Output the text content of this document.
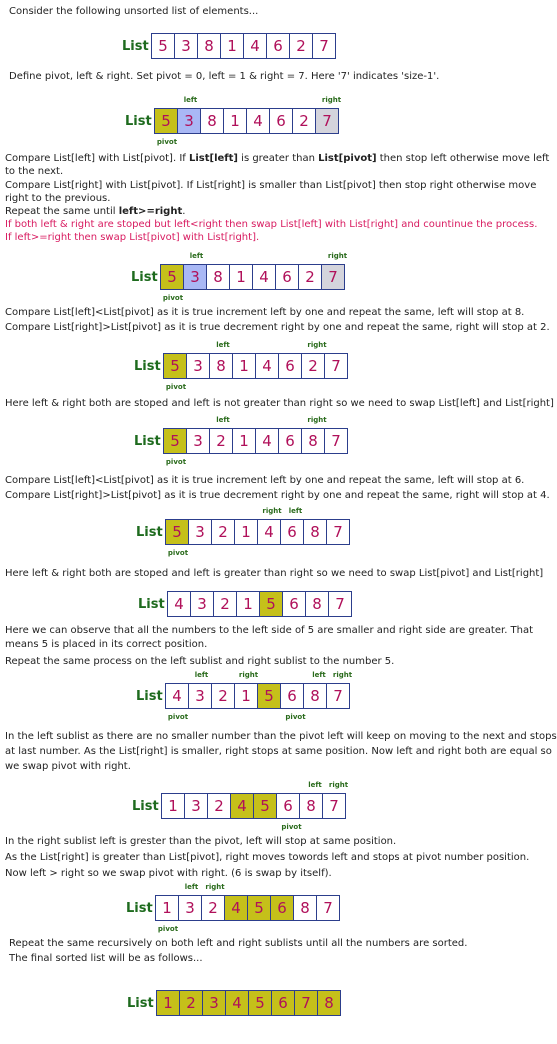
Consider the following unsorted list of elements...
Define pivot, left & right. Set pivot = 0, left = 1 & right = 7. Here '7' indicates 'size-1'.
Compare List[left] with List[pivot]. If List[left] is greater than List[pivot] then stop left otherwise move left
to the next.
Compare List[right] with List[pivot]. If List[right] is smaller than List[pivot] then stop right otherwise move
right to the previous.
Repeat the same until left>=right.
If both left & right are stoped but left<right then swap List[left] with List[right] and countinue the process.
If left>=right then swap List[pivot] with List[right].
Compare List[left]<List[pivot] as it is true increment left by one and repeat the same, left will stop at 8.
Compare List[right]>List[pivot] as it is true decrement right by one and repeat the same, right will stop at 2.
Here left & right both are stoped and left is not greater than right so we need to swap List[left] and List[right]
Compare List[left]<List[pivot] as it is true increment left by one and repeat the same, left will stop at 6.
Compare List[right]>List[pivot] as it is true decrement right by one and repeat the same, right will stop at 4.
Here left & right both are stoped and left is greater than right so we need to swap List[pivot] and List[right]
Here we can observe that all the numbers to the left side of 5 are smaller and right side are greater. That
means 5 is placed in its correct position.
Repeat the same process on the left sublist and right sublist to the number 5.
In the left sublist as there are no smaller number than the pivot left will keep on moving to the next and stops
at last number. As the List[right] is smaller, right stops at same position. Now left and right both are equal so
we swap pivot with right.
In the right sublist left is grester than the pivot, left will stop at same position.
As the List[right] is greater than List[pivot], right moves towords left and stops at pivot number position.
Now left > right so we swap pivot with right. (6 is swap by itself).
Repeat the same recursively on both left and right sublists until all the numbers are sorted.
The final sorted list will be as follows...
List 5 3 8 1 4 6 2 7
List 5 3 8 1 4 6 2 7
left	right
pivot
List 5 3 8 1 4 6 2 7
left	right
pivot
List 5 3 8 1 4 6 2 7
left	right
pivot
List 5 3 2 1 4 6 8 7
left	right
pivot
List 5 3 2 1 4 6 8 7
right	left
pivot
List 4 3 2 1 5 6 8 7
List 4 3 2 1 5 6 8 7
left	right	left	right
pivot	pivot
List 1 3 2 4 5 6 8 7
left	right
pivot
List 1 3 2 4 5 6 8 7
left	right
pivot
List 1 2 3 4 5 6 7 8
